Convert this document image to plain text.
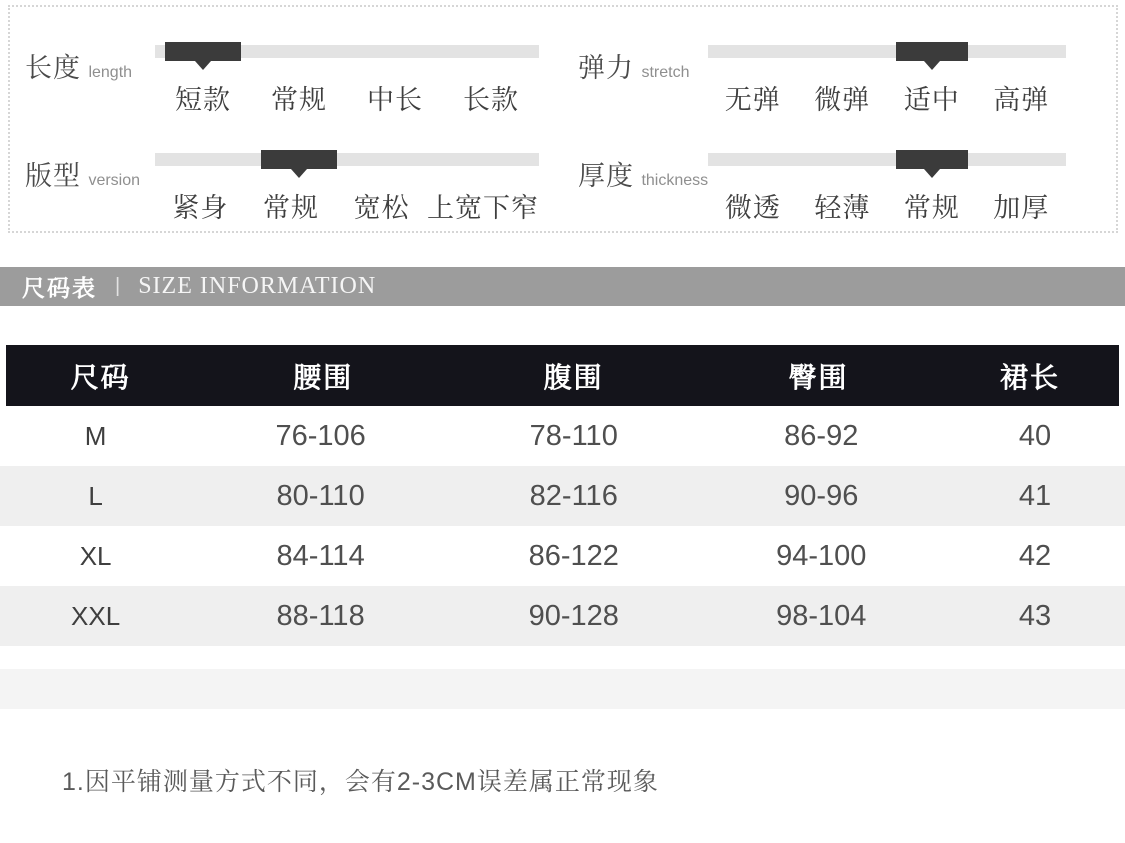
长度 length
短款	常规	中长	长款
版型 version
紧身	常规	宽松 上宽下窄
弹力 stretch
无弹	微弹	适中	高弹
厚度 thickness
微透	轻薄	常规	加厚
尺码表 | SIZE INFORMATION
尺码	腰围	腹围	臀围	裙长
M	76-106	78-110	86-92	40
L	80-110	82-116	90-96	41
XL	84-114	86-122	94-100	42
XXL	88-118	90-128	98-104	43
1.因平铺测量方式不同，会有2-3CM误差属正常现象
